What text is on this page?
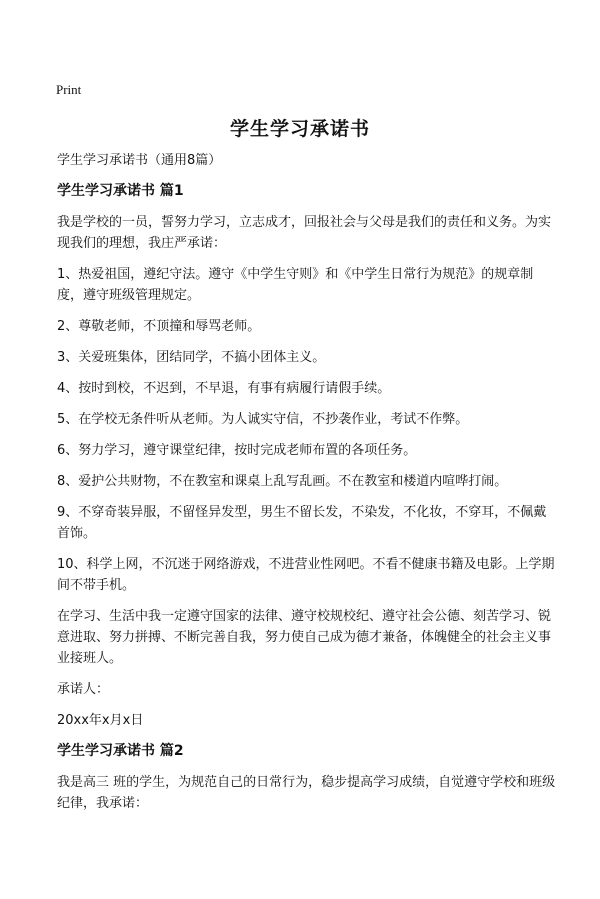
Print
学生学习承诺书

学生学习承诺书（通用8篇）

学生学习承诺书 篇1

我是学校的一员，誓努力学习，立志成才，回报社会与父母是我们的责任和义务。为实现我们的理想，我庄严承诺：

1、热爱祖国，遵纪守法。遵守《中学生守则》和《中学生日常行为规范》的规章制度，遵守班级管理规定。

2、尊敬老师，不顶撞和辱骂老师。

3、关爱班集体，团结同学，不搞小团体主义。

4、按时到校，不迟到，不早退，有事有病履行请假手续。

5、在学校无条件听从老师。为人诚实守信，不抄袭作业，考试不作弊。

6、努力学习，遵守课堂纪律，按时完成老师布置的各项任务。

8、爱护公共财物，不在教室和课桌上乱写乱画。不在教室和楼道内喧哗打闹。

9、不穿奇装异服，不留怪异发型，男生不留长发，不染发，不化妆，不穿耳，不佩戴首饰。

10、科学上网，不沉迷于网络游戏，不进营业性网吧。不看不健康书籍及电影。上学期间不带手机。

在学习、生活中我一定遵守国家的法律、遵守校规校纪、遵守社会公德、刻苦学习、锐意进取、努力拼搏、不断完善自我，努力使自己成为德才兼备，体魄健全的社会主义事业接班人。

承诺人：

20xx年x月x日

学生学习承诺书 篇2

我是高三 班的学生，为规范自己的日常行为，稳步提高学习成绩，自觉遵守学校和班级纪律，我承诺：
